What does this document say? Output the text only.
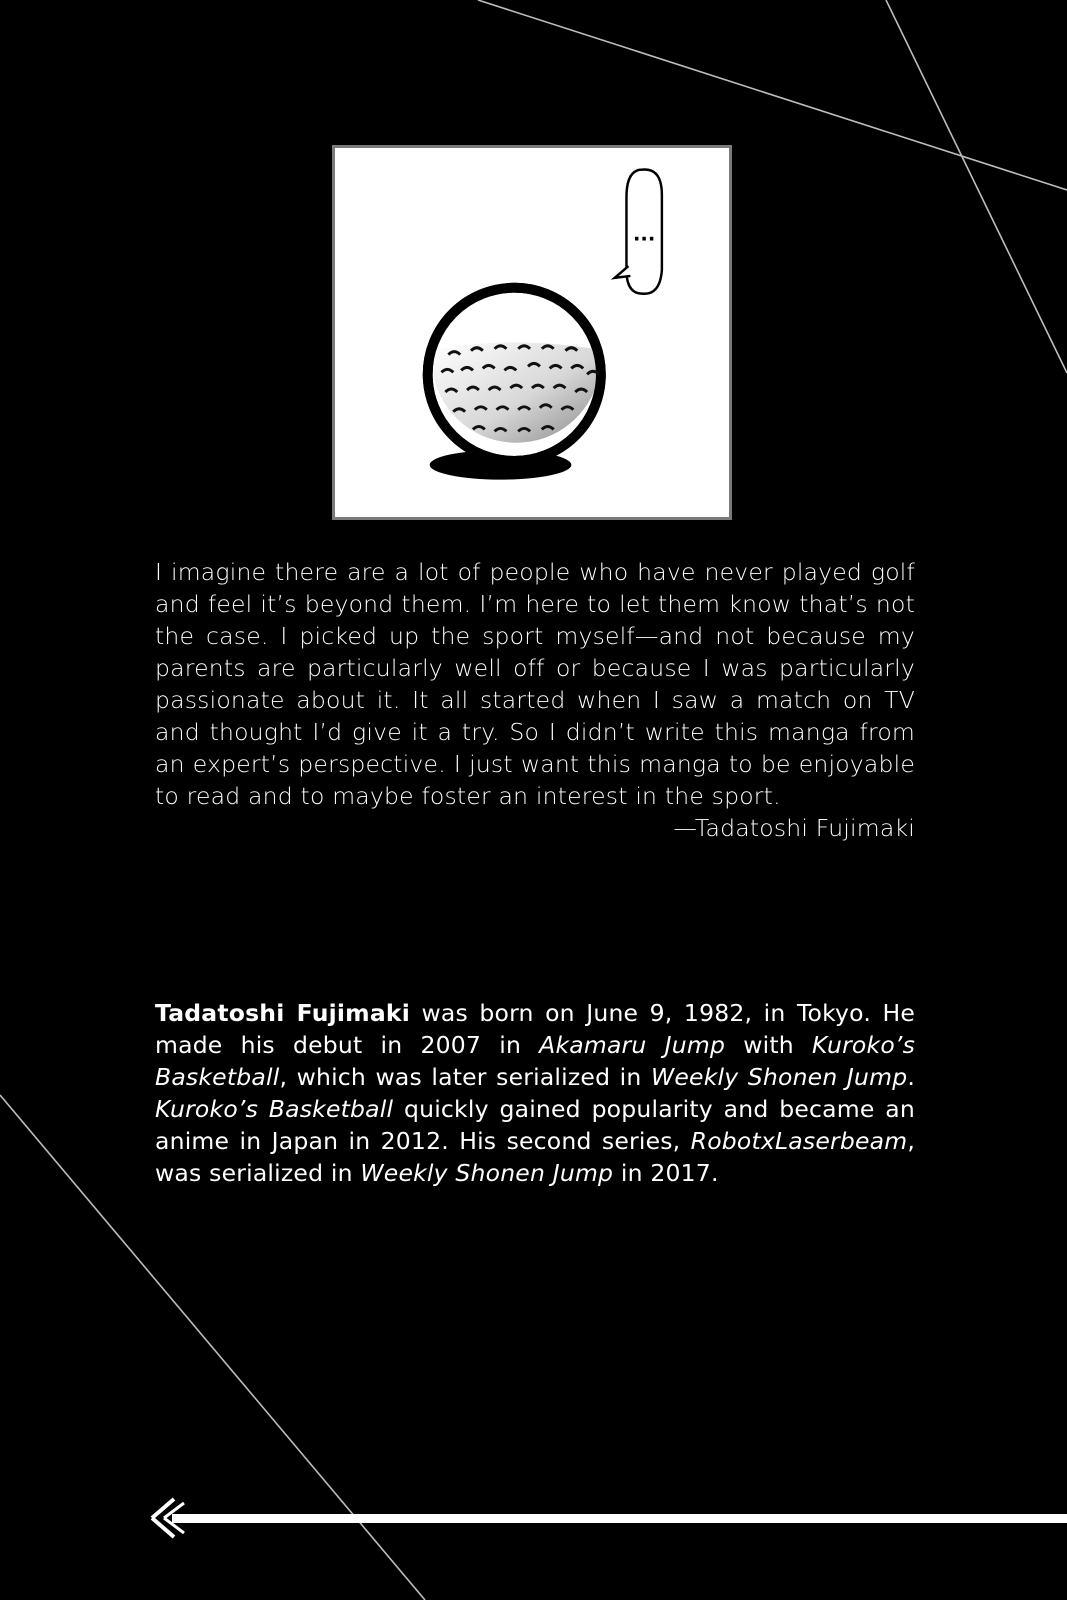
...

I imagine there are a lot of people who have never played golf and feel it’s beyond them. I’m here to let them know that’s not the case. I picked up the sport myself—and not because my parents are particularly well off or because I was particularly passionate about it. It all started when I saw a match on TV and thought I’d give it a try. So I didn’t write this manga from an expert’s perspective. I just want this manga to be enjoyable to read and to maybe foster an interest in the sport.

—Tadatoshi Fujimaki

Tadatoshi Fujimaki was born on June 9, 1982, in Tokyo. He made his debut in 2007 in Akamaru Jump with Kuroko’s Basketball, which was later serialized in Weekly Shonen Jump. Kuroko’s Basketball quickly gained popularity and became an anime in Japan in 2012. His second series, RobotxLaserbeam, was serialized in Weekly Shonen Jump in 2017.
